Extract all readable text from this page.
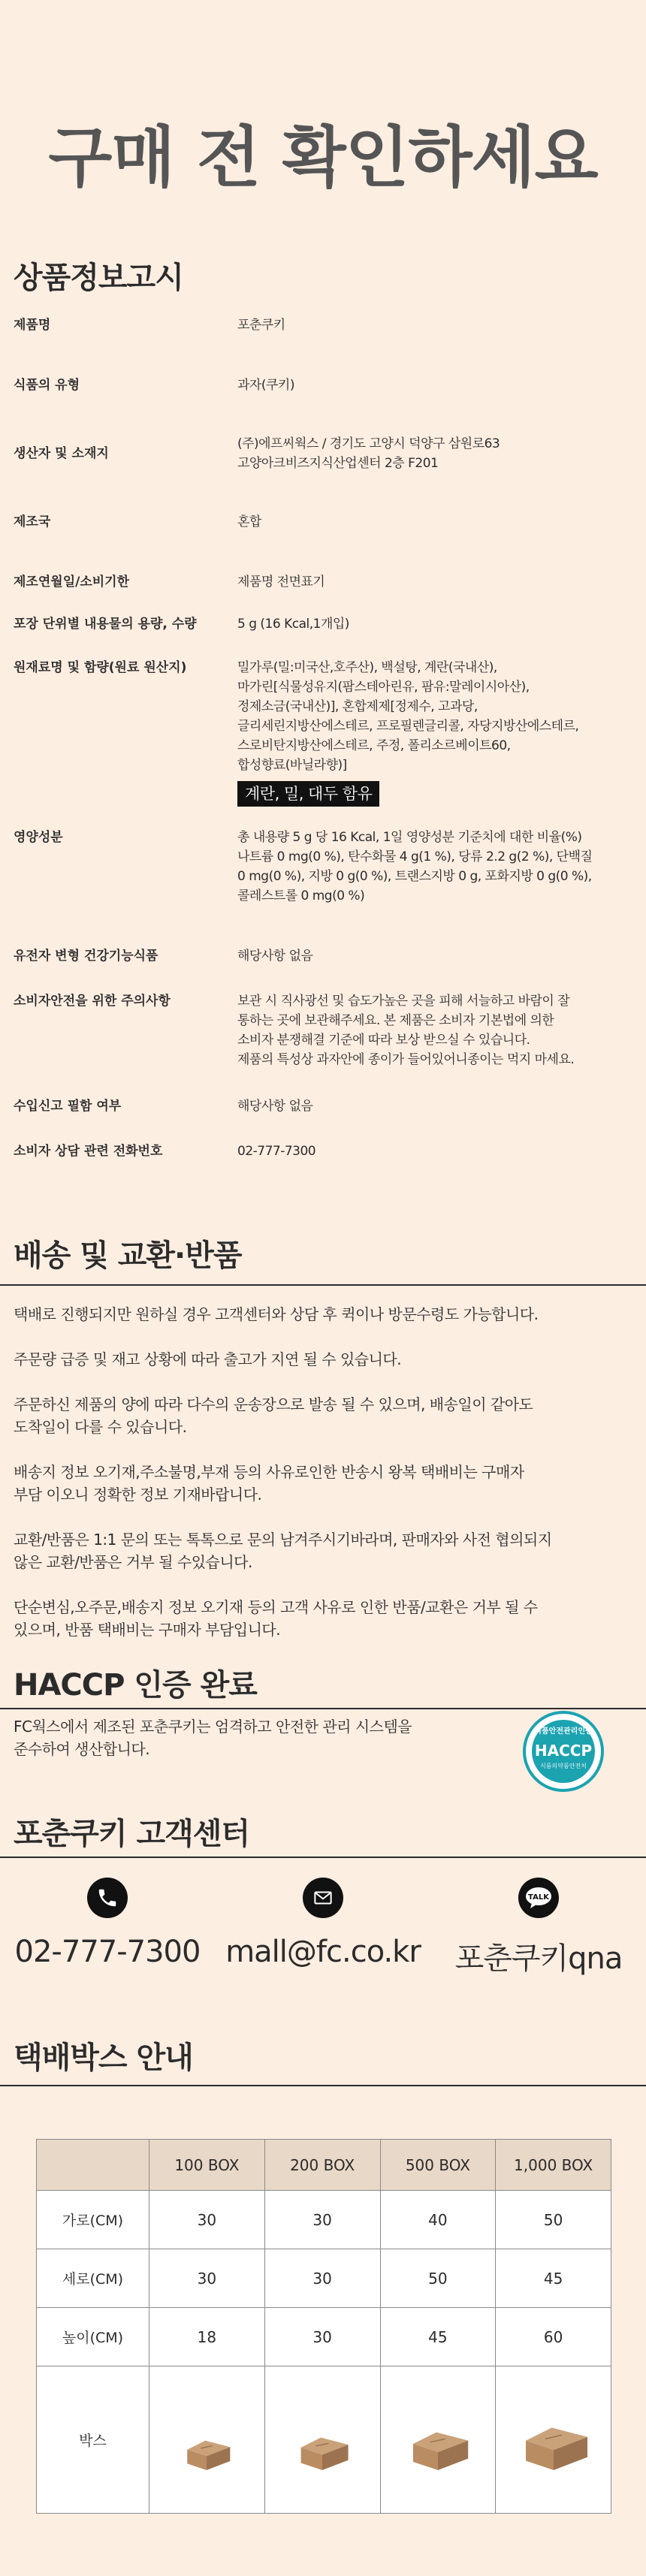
구매 전 확인하세요
상품정보고시
제품명	포춘쿠키
식품의 유형	과자(쿠키)
생산자 및 소재지
(주)에프씨웍스 / 경기도 고양시 덕양구 삼원로63
고양아크비즈지식산업센터 2층 F201
제조국	혼합
제조연월일/소비기한	제품명 전면표기
포장 단위별 내용물의 용량, 수량	5 g (16 Kcal,1개입)
원재료명 및 함량(원료 원산지)	밀가루(밀:미국산,호주산), 백설탕, 계란(국내산),
마가린[식물성유지(팜스테아린유, 팜유:말레이시아산),
정제소금(국내산)], 혼합제제[정제수, 고과당,
글리세린지방산에스테르, 프로필렌글리콜, 자당지방산에스테르,
스로비탄지방산에스테르, 주정, 폴리소르베이트60,
합성향료(바닐라향)]
계란, 밀, 대두 함유
영양성분	총 내용량 5 g 당 16 Kcal, 1일 영양성분 기준치에 대한 비율(%)
나트륨 0 mg(0 %), 탄수화물 4 g(1 %), 당류 2.2 g(2 %), 단백질
0 mg(0 %), 지방 0 g(0 %), 트랜스지방 0 g, 포화지방 0 g(0 %),
콜레스트롤 0 mg(0 %)
유전자 변형 건강기능식품	해당사항 없음
소비자안전을 위한 주의사항	보관 시 직사광선 및 습도가높은 곳을 피해 서늘하고 바람이 잘
통하는 곳에 보관해주세요. 본 제품은 소비자 기본법에 의한
소비자 분쟁해결 기준에 따라 보상 받으실 수 있습니다.
제품의 특성상 과자안에 종이가 들어있어니종이는 먹지 마세요.
수입신고 필함 여부	해당사항 없음
소비자 상담 관련 전화번호	02-777-7300
배송 및 교환·반품

택배로 진행되지만 원하실 경우 고객센터와 상담 후 퀵이나 방문수령도 가능합니다.

주문량 급증 및 재고 상황에 따라 출고가 지연 될 수 있습니다.

주문하신 제품의 양에 따라 다수의 운송장으로 발송 될 수 있으며, 배송일이 같아도
도착일이 다를 수 있습니다.

배송지 정보 오기재,주소불명,부재 등의 사유로인한 반송시 왕복 택배비는 구매자
부담 이오니 정확한 정보 기재바랍니다.

교환/반품은 1:1 문의 또는 톡톡으로 문의 남겨주시기바라며, 판매자와 사전 협의되지
않은 교환/반품은 거부 될 수있습니다.

단순변심,오주문,배송지 정보 오기재 등의 고객 사유로 인한 반품/교환은 거부 될 수
있으며, 반품 택배비는 구매자 부담입니다.

HACCP 인증 완료
FC웍스에서 제조된 포춘쿠키는 엄격하고 안전한 관리 시스템을
준수하여 생산합니다.
식품안전관리인증
HACCP
식품의약품안전처
포춘쿠키 고객센터
02-777-7300 mall@fc.co.kr
TALK
포춘쿠키qna
택배박스 안내
	100 BOX	200 BOX	500 BOX	1,000 BOX
가로(CM)	30	30	40	50
세로(CM)	30	30	50	45
높이(CM)	18	30	45	60
박스				
